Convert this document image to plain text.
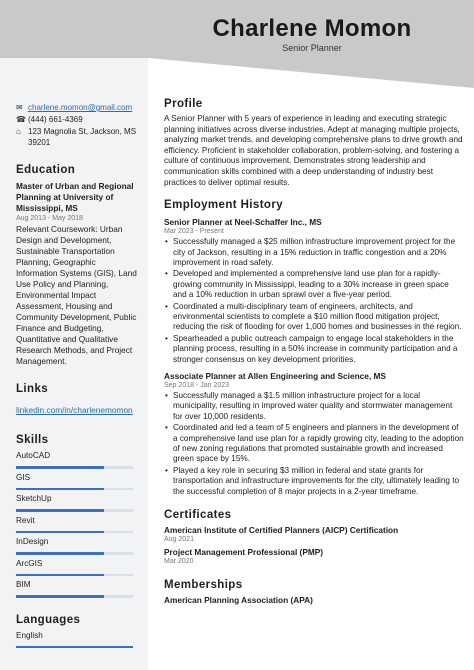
Charlene Momon
Senior Planner
✉ charlene.momon@gmail.com
☎ (444) 661-4369
⌂ 123 Magnolia St, Jackson, MS 39201
Education
Master of Urban and Regional Planning at University of Mississippi, MS
Aug 2013 - May 2018
Relevant Coursework: Urban Design and Development, Sustainable Transportation Planning, Geographic Information Systems (GIS), Land Use Policy and Planning, Environmental Impact Assessment, Housing and Community Development, Public Finance and Budgeting, Quantitative and Qualitative Research Methods, and Project Management.
Links
linkedin.com/in/charlenemomon
Skills
AutoCAD
GIS
SketchUp
Revit
InDesign
ArcGIS
BIM
Languages
English
Profile
A Senior Planner with 5 years of experience in leading and executing strategic planning initiatives across diverse industries. Adept at managing multiple projects, analyzing market trends, and developing comprehensive plans to drive growth and efficiency. Proficient in stakeholder collaboration, problem-solving, and fostering a culture of continuous improvement. Demonstrates strong leadership and communication skills combined with a deep understanding of industry best practices to deliver optimal results.
Employment History
Senior Planner at Neel-Schaffer Inc., MS
Mar 2023 - Present
• Successfully managed a $25 million infrastructure improvement project for the city of Jackson, resulting in a 15% reduction in traffic congestion and a 20% improvement in road safety.
• Developed and implemented a comprehensive land use plan for a rapidly-growing community in Mississippi, leading to a 30% increase in green space and a 10% reduction in urban sprawl over a five-year period.
• Coordinated a multi-disciplinary team of engineers, architects, and environmental scientists to complete a $10 million flood mitigation project, reducing the risk of flooding for over 1,000 homes and businesses in the region.
• Spearheaded a public outreach campaign to engage local stakeholders in the planning process, resulting in a 50% increase in community participation and a stronger consensus on key development priorities.
Associate Planner at Allen Engineering and Science, MS
Sep 2018 - Jan 2023
• Successfully managed a $1.5 million infrastructure project for a local municipality, resulting in improved water quality and stormwater management for over 10,000 residents.
• Coordinated and led a team of 5 engineers and planners in the development of a comprehensive land use plan for a rapidly growing city, leading to the adoption of new zoning regulations that promoted sustainable growth and increased green space by 15%.
• Played a key role in securing $3 million in federal and state grants for transportation and infrastructure improvements for the city, ultimately leading to the successful completion of 8 major projects in a 2-year timeframe.
Certificates
American Institute of Certified Planners (AICP) Certification
Aug 2021
Project Management Professional (PMP)
Mar 2020
Memberships
American Planning Association (APA)
